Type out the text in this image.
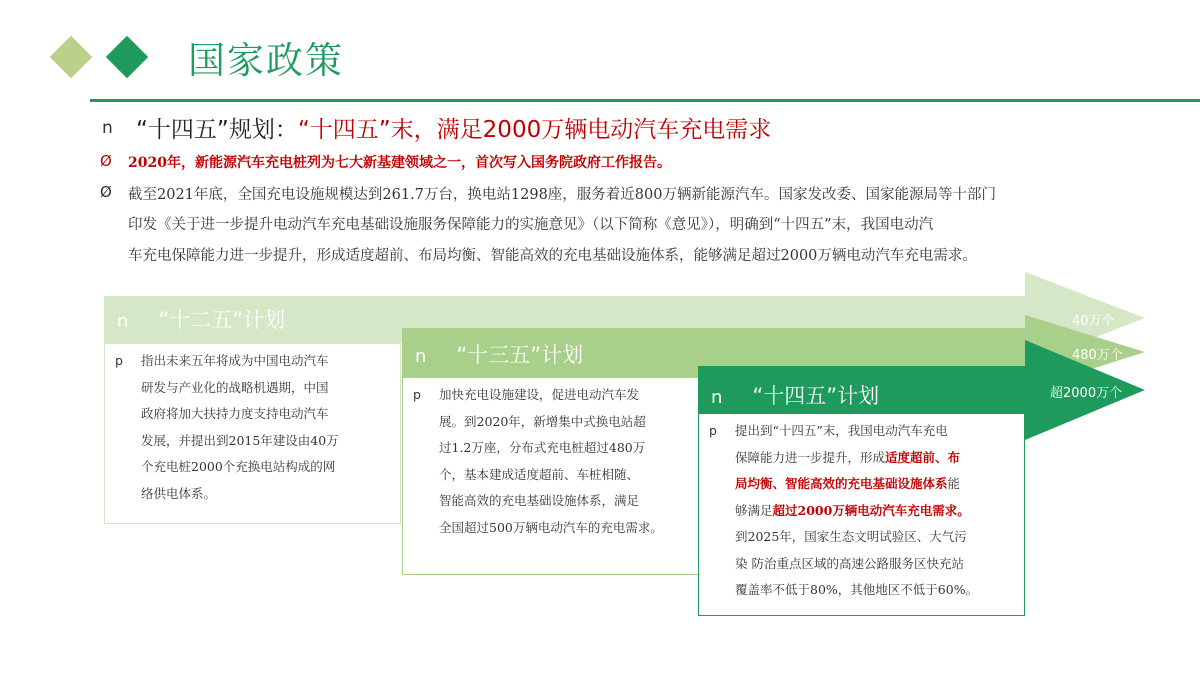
国家政策
n “十四五”规划：“十四五”末，满足2000万辆电动汽车充电需求
Ø 2020年，新能源汽车充电桩列为七大新基建领域之一，首次写入国务院政府工作报告。
Ø 截至2021年底，全国充电设施规模达到261.7万台，换电站1298座，服务着近800万辆新能源汽车。国家发改委、国家能源局等十部门
印发《关于进一步提升电动汽车充电基础设施服务保障能力的实施意见》（以下简称《意见》），明确到“十四五”末，我国电动汽
车充电保障能力进一步提升，形成适度超前、布局均衡、智能高效的充电基础设施体系，能够满足超过2000万辆电动汽车充电需求。
40万个
480万个
超2000万个
n “十二五”计划
p 指出未来五年将成为中国电动汽车
研发与产业化的战略机遇期，中国
政府将加大扶持力度支持电动汽车
发展，并提出到2015年建设由40万
个充电桩2000个充换电站构成的网
络供电体系。
n “十三五”计划
p 加快充电设施建设，促进电动汽车发
展。到2020年，新增集中式换电站超
过1.2万座，分布式充电桩超过480万
个，基本建成适度超前、车桩相随、
智能高效的充电基础设施体系，满足
全国超过500万辆电动汽车的充电需求。
n “十四五”计划
p 提出到“十四五”末，我国电动汽车充电
保障能力进一步提升，形成适度超前、布
局均衡、智能高效的充电基础设施体系能
够满足超过2000万辆电动汽车充电需求。
到2025年，国家生态文明试验区、大气污
染 防治重点区域的高速公路服务区快充站
覆盖率不低于80%，其他地区不低于60%。
